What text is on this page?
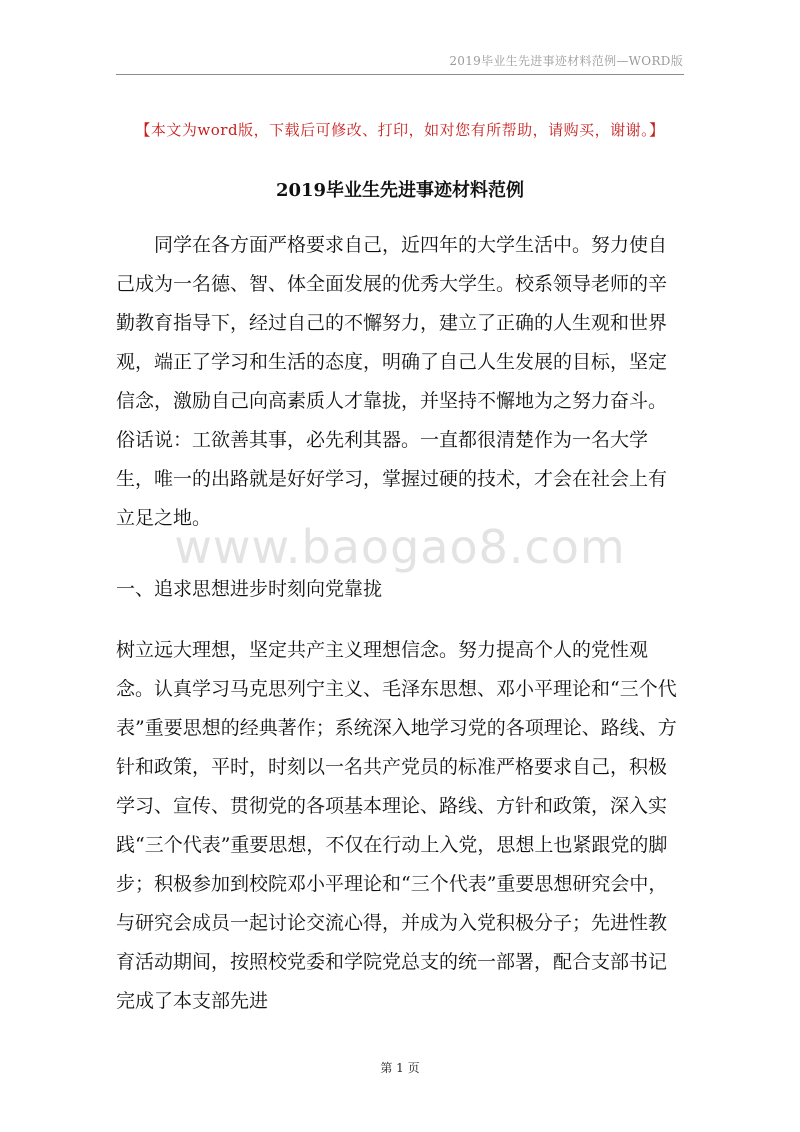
2019毕业生先进事迹材料范例—WORD版
【本文为word版，下载后可修改、打印，如对您有所帮助，请购买，谢谢。】
2019毕业生先进事迹材料范例

同学在各方面严格要求自己，近四年的大学生活中。努力使自己成为一名德、智、体全面发展的优秀大学生。校系领导老师的辛勤教育指导下，经过自己的不懈努力，建立了正确的人生观和世界观，端正了学习和生活的态度，明确了自己人生发展的目标，坚定信念，激励自己向高素质人才靠拢，并坚持不懈地为之努力奋斗。俗话说：工欲善其事，必先利其器。一直都很清楚作为一名大学生，唯一的出路就是好好学习，掌握过硬的技术，才会在社会上有立足之地。

www.baogao8.com
一、追求思想进步时刻向党靠拢

树立远大理想，坚定共产主义理想信念。努力提高个人的党性观念。认真学习马克思列宁主义、毛泽东思想、邓小平理论和“三个代表”重要思想的经典著作；系统深入地学习党的各项理论、路线、方针和政策，平时，时刻以一名共产党员的标准严格要求自己，积极学习、宣传、贯彻党的各项基本理论、路线、方针和政策，深入实践“三个代表”重要思想，不仅在行动上入党，思想上也紧跟党的脚步；积极参加到校院邓小平理论和“三个代表”重要思想研究会中，与研究会成员一起讨论交流心得，并成为入党积极分子；先进性教育活动期间，按照校党委和学院党总支的统一部署，配合支部书记完成了本支部先进

第 1 页
